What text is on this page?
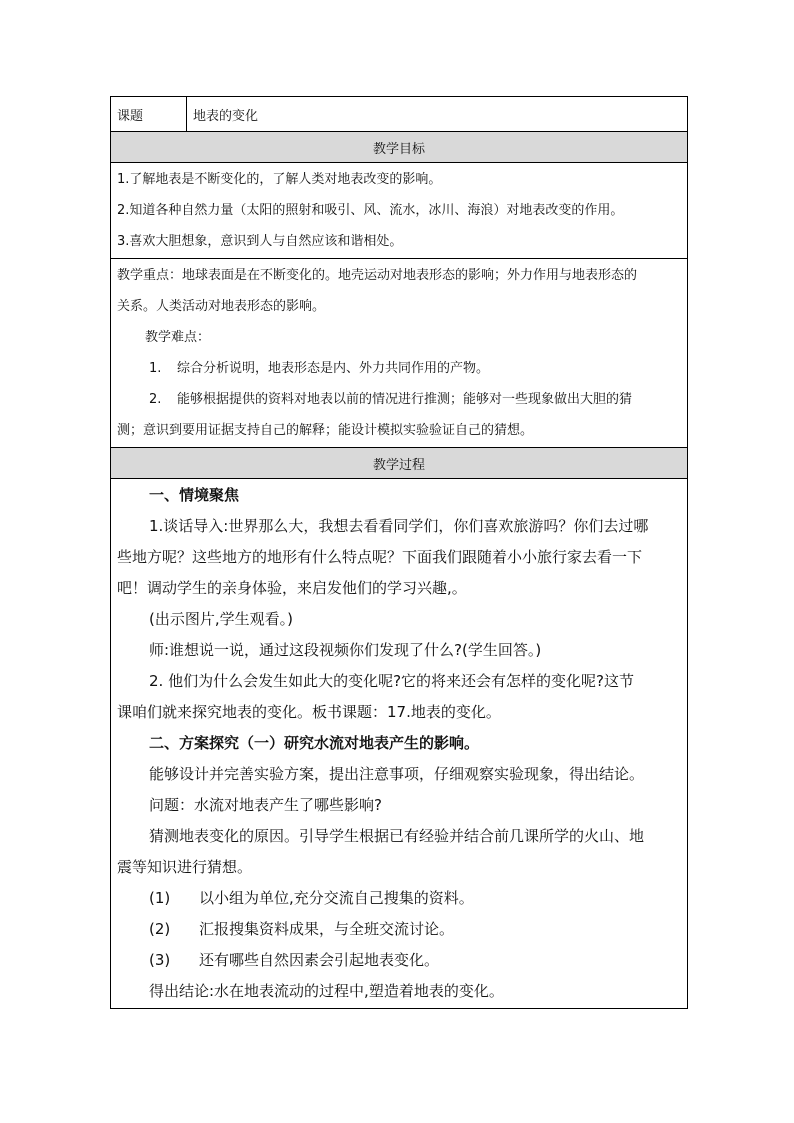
课题	地表的变化
教学目标

1.了解地表是不断变化的，了解人类对地表改变的影响。
2.知道各种自然力量（太阳的照射和吸引、风、流水，冰川、海浪）对地表改变的作用。
3.喜欢大胆想象，意识到人与自然应该和谐相处。

教学重点：地球表面是在不断变化的。地壳运动对地表形态的影响；外力作用与地表形态的
关系。人类活动对地表形态的影响。
教学难点：
1. 综合分析说明，地表形态是内、外力共同作用的产物。
2. 能够根据提供的资料对地表以前的情况进行推测；能够对一些现象做出大胆的猜
测；意识到要用证据支持自己的解释；能设计模拟实验验证自己的猜想。

教学过程

一、情境聚焦
1.谈话导入:世界那么大，我想去看看同学们，你们喜欢旅游吗？你们去过哪
些地方呢？这些地方的地形有什么特点呢？下面我们跟随着小小旅行家去看一下
吧！调动学生的亲身体验，来启发他们的学习兴趣,。
(出示图片,学生观看。)
师:谁想说一说，通过这段视频你们发现了什么?(学生回答。)
2. 他们为什么会发生如此大的变化呢?它的将来还会有怎样的变化呢?这节
课咱们就来探究地表的变化。板书课题：17.地表的变化。
二、方案探究（一）研究水流对地表产生的影响。
能够设计并完善实验方案，提出注意事项，仔细观察实验现象，得出结论。
问题：水流对地表产生了哪些影响?
猜测地表变化的原因。引导学生根据已有经验并结合前几课所学的火山、地
震等知识进行猜想。
(1) 以小组为单位,充分交流自己搜集的资料。
(2) 汇报搜集资料成果，与全班交流讨论。
(3) 还有哪些自然因素会引起地表变化。
得出结论:水在地表流动的过程中,塑造着地表的变化。
